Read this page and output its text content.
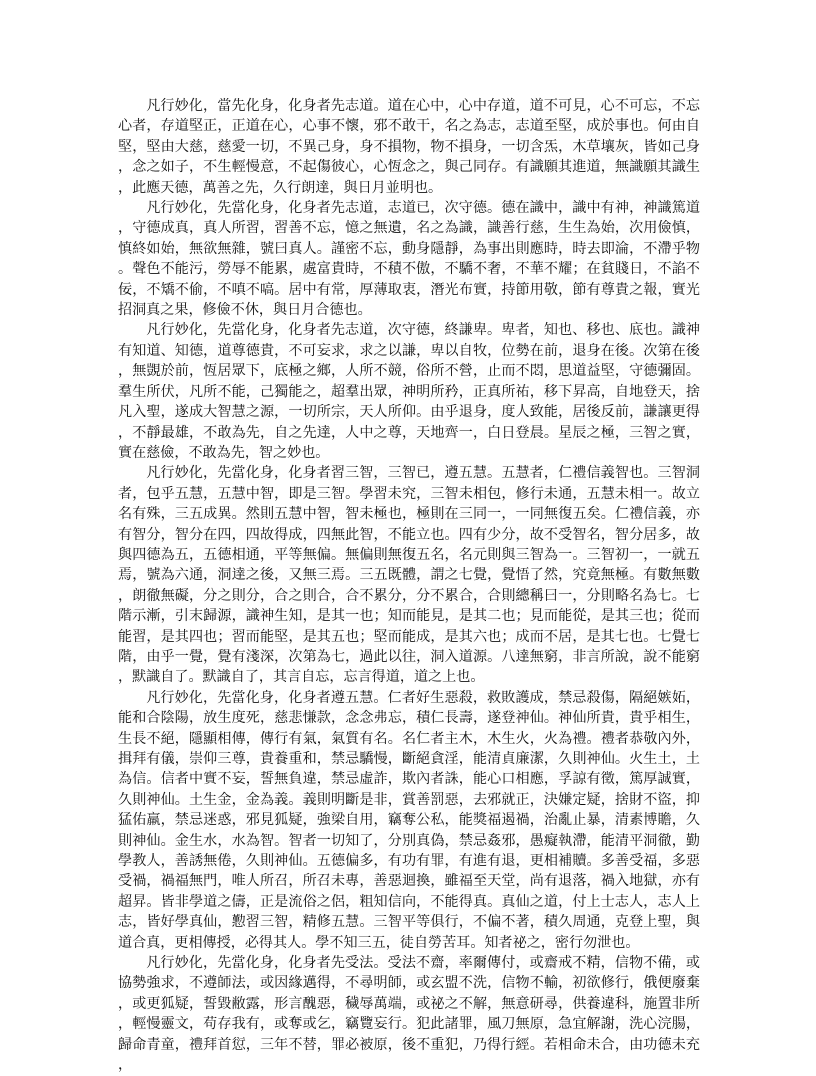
凡行妙化，當先化身，化身者先志道。道在心中，心中存道，道不可見，心不可忘，不忘心者，存道堅正，正道在心，心事不懷，邪不敢干，名之為志，志道至堅，成於事也。何由自堅，堅由大慈，慈愛一切，不異己身，身不損物，物不損身，一切含炁，木草壤灰，皆如己身，念之如子，不生輕慢意，不起傷彼心，心恆念之，與己同存。有識願其進道，無識願其識生，此應天德，萬善之先，久行朗達，與日月並明也。

凡行妙化，先當化身，化身者先志道，志道已，次守德。德在識中，識中有神，神識篤道，守德成真，真人所習，習善不忘，憶之無遺，名之為識，識善行慈，生生為始，次用儉慎，慎終如始，無欲無雜，號曰真人。謹密不忘，動身隱靜，為事出則應時，時去即淪，不滯乎物。聲色不能污，勞辱不能累，處富貴時，不積不傲，不驕不奢，不華不耀；在貧賤日，不諂不佞，不矯不偷，不嗔不嗃。居中有常，厚薄取衷，潛光布實，持節用敬，節有尊貴之報，實光招洞真之果，修儉不休，與日月合德也。

凡行妙化，先當化身，化身者先志道，次守德，終謙卑。卑者，知也、移也、底也。識神有知道、知德，道尊德貴，不可妄求，求之以謙，卑以自牧，位勢在前，退身在後。次第在後，無覬於前，恆居眾下，底極之鄉，人所不競，俗所不營，止而不悶，思道益堅，守德彌固。羣生所伏，凡所不能，己獨能之，超羣出眾，神明所矜，正真所祐，移下昇高，自地登天，捨凡入聖，遂成大智慧之源，一切所宗，天人所仰。由乎退身，度人致能，居後反前，謙讓更得，不靜最雄，不敢為先，自之先達，人中之尊，天地齊一，白日登晨。星辰之極，三智之實，實在慈儉，不敢為先，智之妙也。

凡行妙化，先當化身，化身者習三智，三智已，遵五慧。五慧者，仁禮信義智也。三智洞者，包乎五慧，五慧中智，即是三智。學習未究，三智未相包，修行未通，五慧未相一。故立名有殊，三五成異。然則五慧中智，智未極也，極則在三同一，一同無復五矣。仁禮信義，亦有智分，智分在四，四故得成，四無此智，不能立也。四有少分，故不受智名，智分居多，故與四德為五，五德相通，平等無偏。無偏則無復五名，名元則與三智為一。三智初一，一就五焉，號為六通，洞達之後，又無三焉。三五既體，謂之七覺，覺悟了然，究竟無極。有數無數，朗徹無礙，分之則分，合之則合，合不累分，分不累合，合則總稱曰一，分則略名為七。七階示漸，引末歸源，識神生知，是其一也；知而能見，是其二也；見而能從，是其三也；從而能習，是其四也；習而能堅，是其五也；堅而能成，是其六也；成而不居，是其七也。七覺七階，由乎一覺，覺有淺深，次第為七，過此以往，洞入道源。八達無窮，非言所說，說不能窮，默識自了。默識自了，其言自忘，忘言得道，道之上也。

凡行妙化，先當化身，化身者遵五慧。仁者好生惡殺，救敗護成，禁忌殺傷，隔絕嫉妬，能和合陰陽，放生度死，慈悲慊款，念念弗忘，積仁長壽，遂登神仙。神仙所貴，貴乎相生，生長不絕，隱顯相傳，傳行有氣，氣質有名。名仁者主木，木生火，火為禮。禮者恭敬內外，揖拜有儀，崇仰三尊，貴養重和，禁忌驕慢，斷絕貪淫，能清貞廉潔，久則神仙。火生土，土為信。信者中實不妄，誓無負違，禁忌虛詐，欺內者誅，能心口相應，孚諒有徵，篤厚誠實，久則神仙。土生金，金為義。義則明斷是非，賞善罰惡，去邪就正，決嫌定疑，捨財不盜，抑猛佑羸，禁忌迷惑，邪見狐疑，強梁自用，竊奪公私，能獎福遏禍，治亂止暴，清素博贍，久則神仙。金生水，水為智。智者一切知了，分別真偽，禁忌姦邪，愚癡執滯，能清平洞徹，勤學教人，善誘無倦，久則神仙。五德偏多，有功有罪，有進有退，更相補贖。多善受福，多惡受禍，禍福無門，唯人所召，所召未專，善惡迴換，雖福至天堂，尚有退落，禍入地獄，亦有超昇。皆非學道之儔，正是流俗之侶，粗知信向，不能得真。真仙之道，付上士志人，志人上志，皆好學真仙，懃習三智，精修五慧。三智平等俱行，不偏不著，積久周通，克登上聖，與道合真，更相傳授，必得其人。學不知三五，徒自勞苦耳。知者祕之，密行勿泄也。

凡行妙化，先當化身，化身者先受法。受法不齋，率爾傳付，或齋戒不精，信物不備，或協勢強求，不遵師法，或因緣邁得，不尋明師，或玄盟不洗，信物不輸，初欲修行，俄便廢棄，或更狐疑，誓毀敝露，形言醜惡，穢辱萬端，或祕之不解，無意研尋，供養違科，施置非所，輕慢靈文，苟存我有，或奪或乞，竊覽妄行。犯此諸罪，風刀無原，急宜解謝，洗心浣腸，歸命青童，禮拜首愆，三年不替，罪必被原，後不重犯，乃得行經。若相命未合，由功德未充，
